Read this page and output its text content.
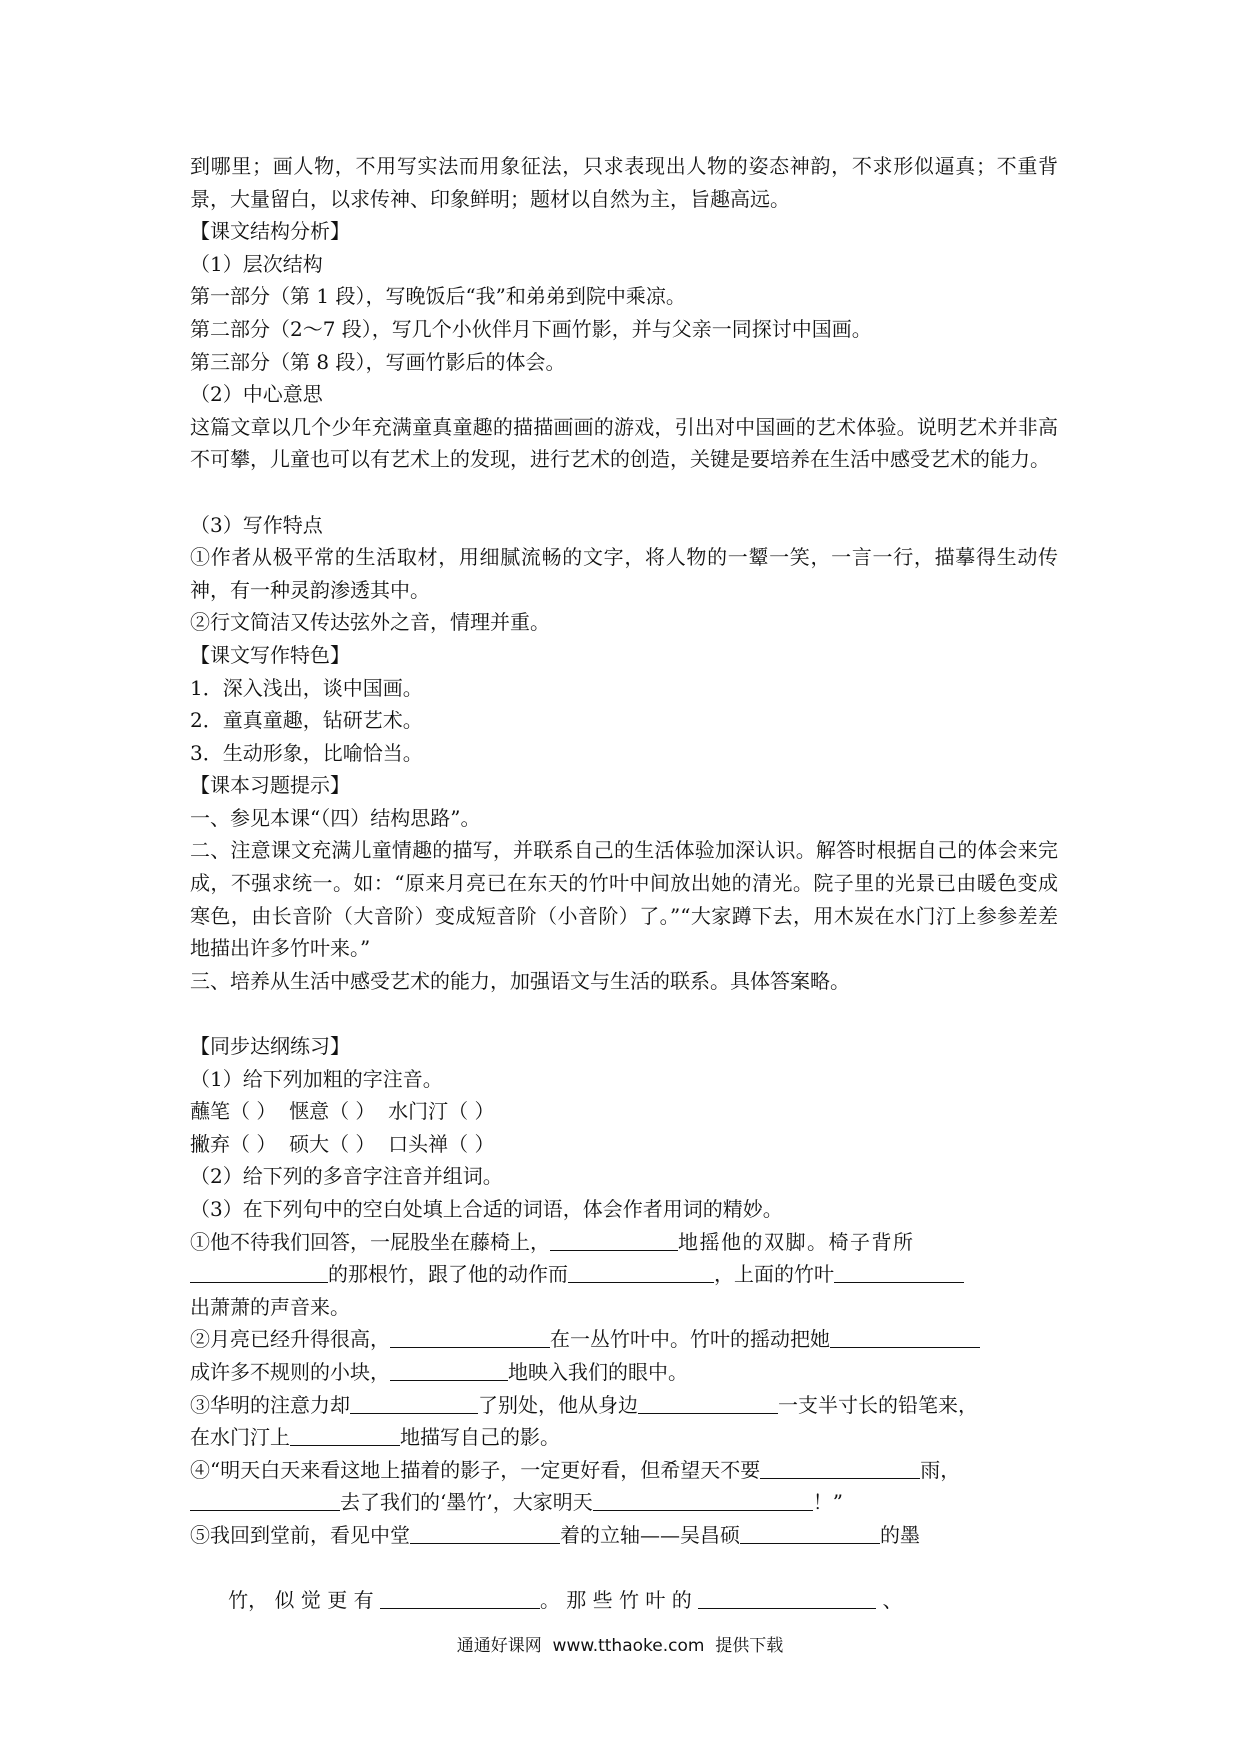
到哪里；画人物，不用写实法而用象征法，只求表现出人物的姿态神韵，不求形似逼真；不重背景，大量留白，以求传神、印象鲜明；题材以自然为主，旨趣高远。
【课文结构分析】
（1）层次结构
第一部分（第 1 段），写晚饭后“我”和弟弟到院中乘凉。
第二部分（2～7 段），写几个小伙伴月下画竹影，并与父亲一同探讨中国画。
第三部分（第 8 段），写画竹影后的体会。
（2）中心意思
这篇文章以几个少年充满童真童趣的描描画画的游戏，引出对中国画的艺术体验。说明艺术并非高不可攀，儿童也可以有艺术上的发现，进行艺术的创造，关键是要培养在生活中感受艺术的能力。
（3）写作特点
①作者从极平常的生活取材，用细腻流畅的文字，将人物的一颦一笑，一言一行，描摹得生动传神，有一种灵韵渗透其中。
②行文简洁又传达弦外之音，情理并重。
【课文写作特色】
1．深入浅出，谈中国画。
2．童真童趣，钻研艺术。
3．生动形象，比喻恰当。
【课本习题提示】
一、参见本课“（四）结构思路”。
二、注意课文充满儿童情趣的描写，并联系自己的生活体验加深认识。解答时根据自己的体会来完成，不强求统一。如：“原来月亮已在东天的竹叶中间放出她的清光。院子里的光景已由暖色变成寒色，由长音阶（大音阶）变成短音阶（小音阶）了。”“大家蹲下去，用木炭在水门汀上参参差差地描出许多竹叶来。”
三、培养从生活中感受艺术的能力，加强语文与生活的联系。具体答案略。
【同步达纲练习】
（1）给下列加粗的字注音。
蘸笔（ ）  惬意（ ）  水门汀（ ）
撇弃（ ）  硕大（ ）  口头禅（ ）
（2）给下列的多音字注音并组词。
（3）在下列句中的空白处填上合适的词语，体会作者用词的精妙。
①他不待我们回答，一屁股坐在藤椅上，	地摇他的双脚。椅子背所
的那根竹，跟了他的动作而	，上面的竹叶
出萧萧的声音来。
②月亮已经升得很高，	在一丛竹叶中。竹叶的摇动把她
成许多不规则的小块，	地映入我们的眼中。
③华明的注意力却	了别处，他从身边	一支半寸长的铅笔来，
在水门汀上	地描写自己的影。
④“明天白天来看这地上描着的影子，一定更好看，但希望天不要	雨，
去了我们的‘墨竹’，大家明天	！”
⑤我回到堂前，看见中堂	着的立轴——吴昌硕	的墨

竹， 似 觉 更 有	。 那 些 竹 叶 的	、

通通好课网  www.tthaoke.com  提供下载
